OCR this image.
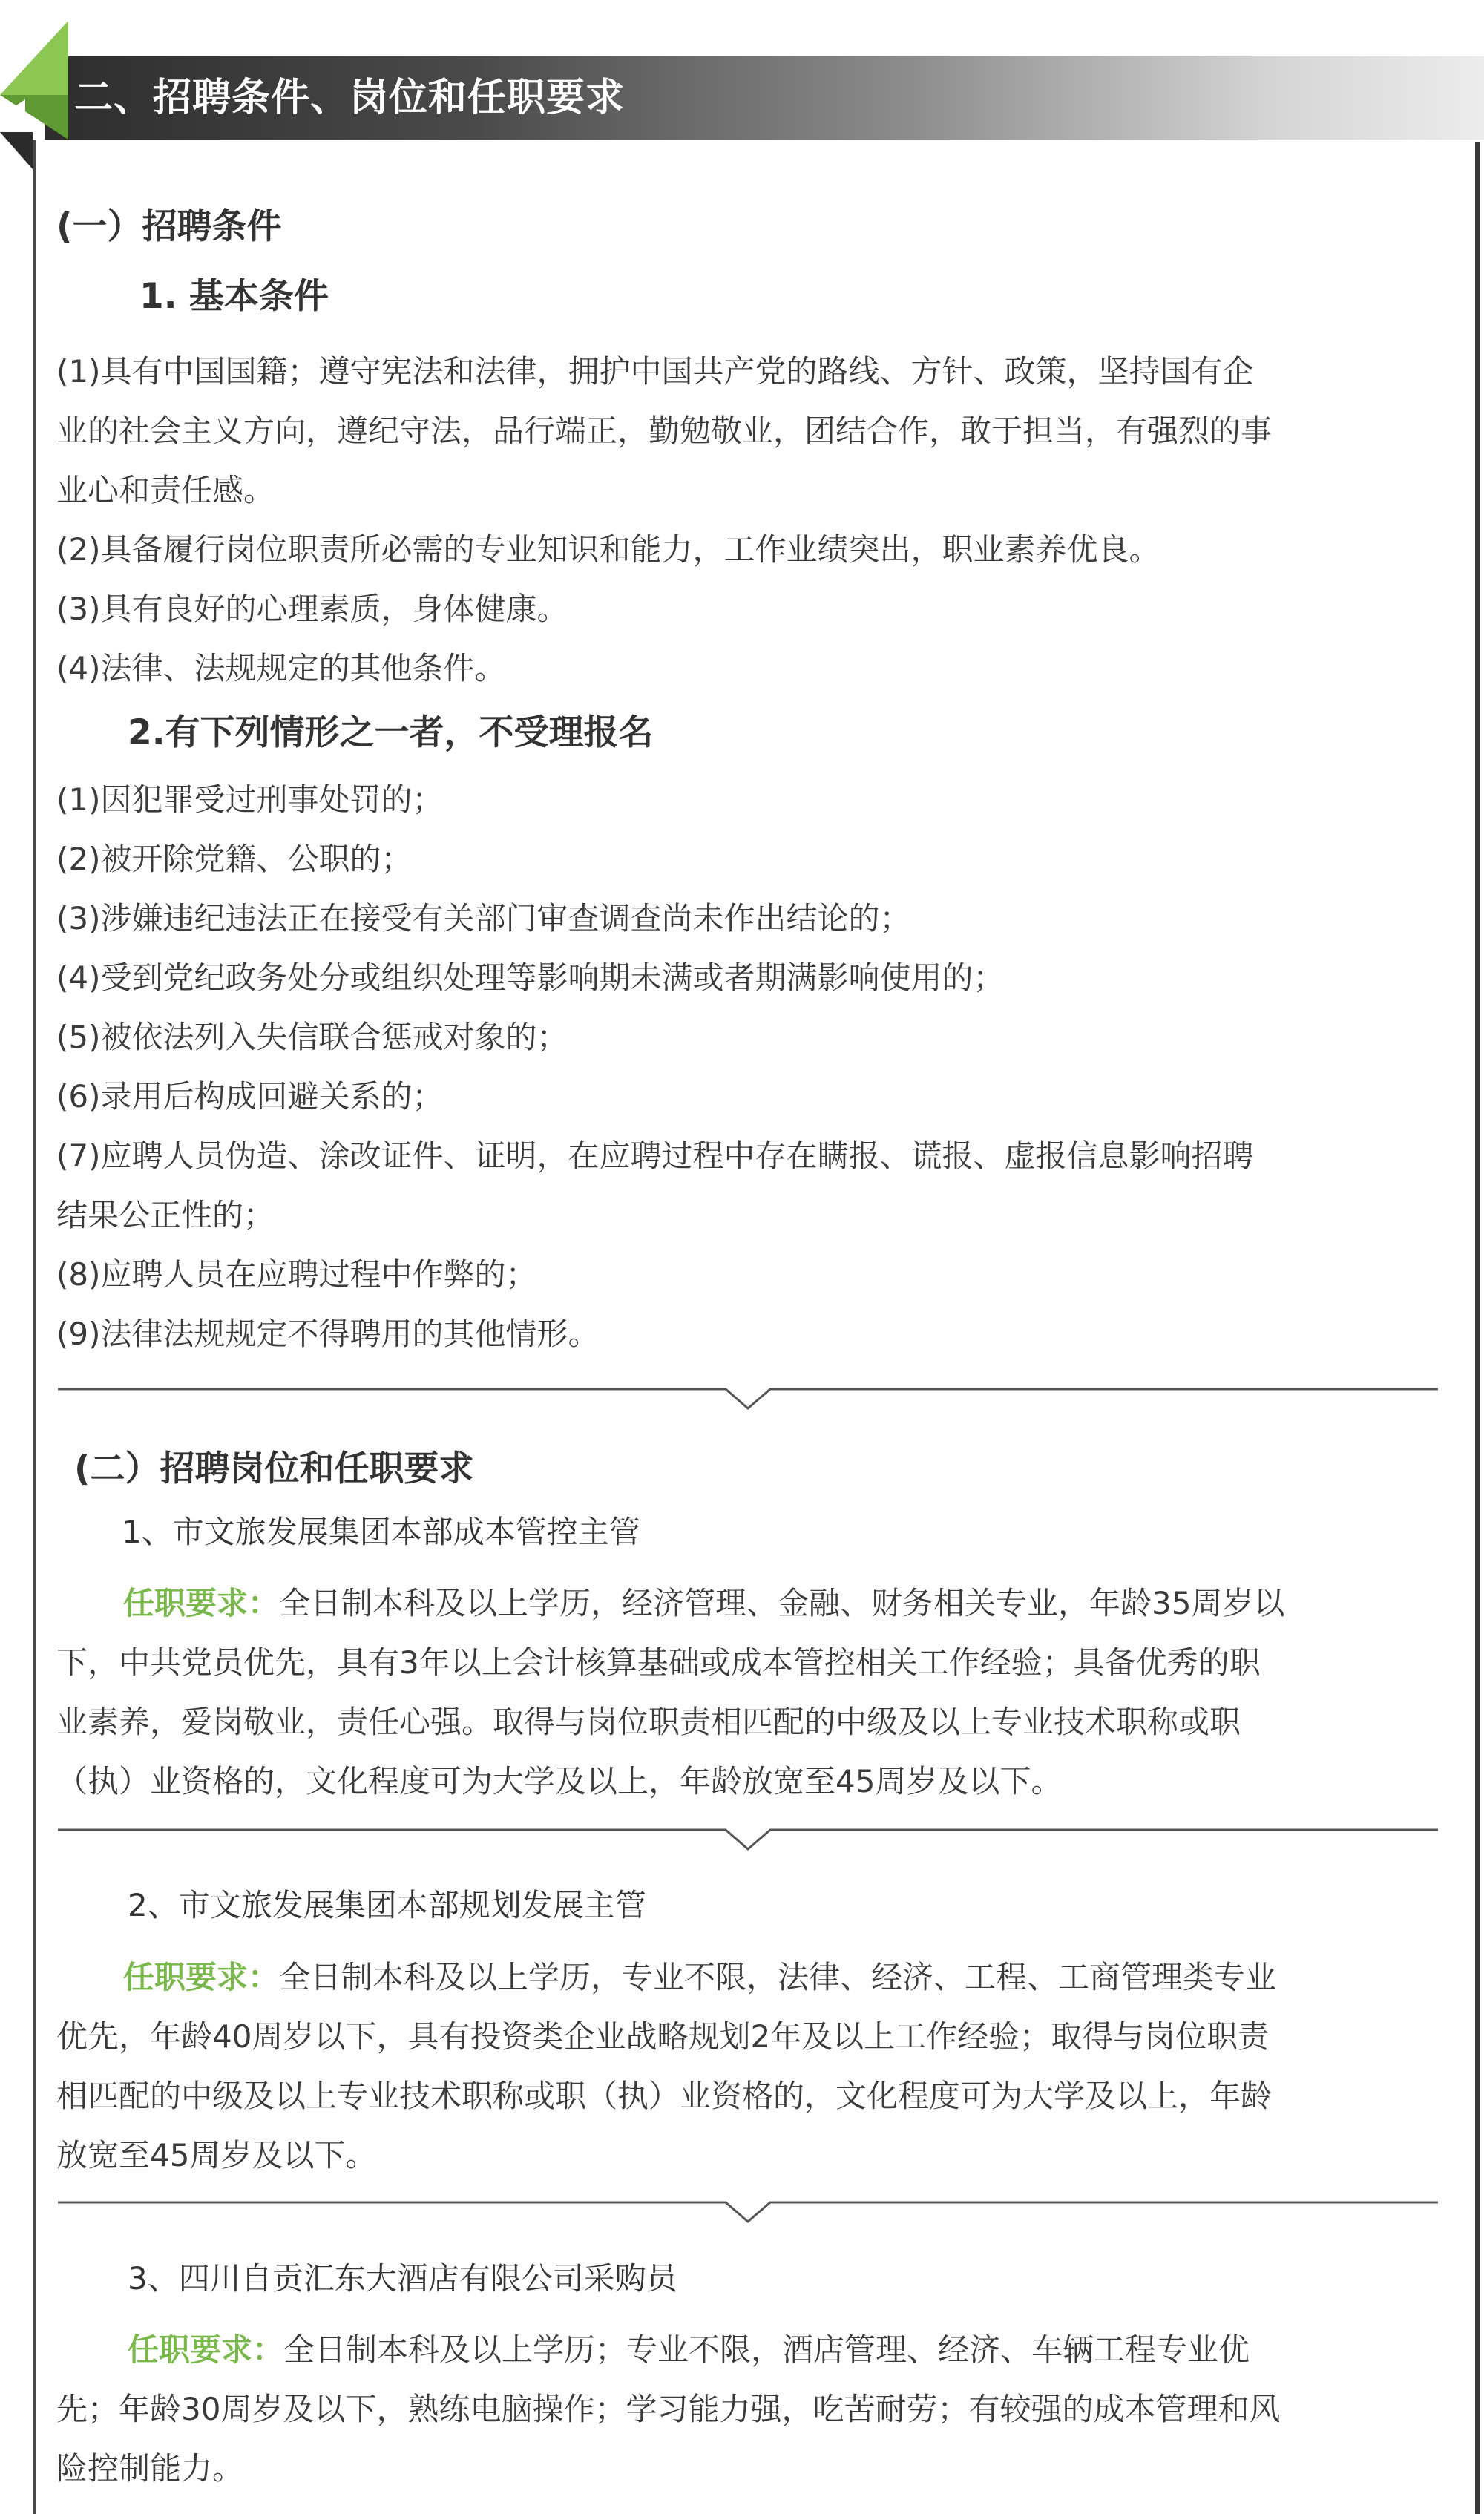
二、招聘条件、岗位和任职要求
(一）招聘条件
1. 基本条件
(1)具有中国国籍；遵守宪法和法律，拥护中国共产党的路线、方针、政策，坚持国有企
业的社会主义方向，遵纪守法，品行端正，勤勉敬业，团结合作，敢于担当，有强烈的事
业心和责任感。
(2)具备履行岗位职责所必需的专业知识和能力，工作业绩突出，职业素养优良。
(3)具有良好的心理素质，身体健康。
(4)法律、法规规定的其他条件。
2.有下列情形之一者，不受理报名
(1)因犯罪受过刑事处罚的；
(2)被开除党籍、公职的；
(3)涉嫌违纪违法正在接受有关部门审查调查尚未作出结论的；
(4)受到党纪政务处分或组织处理等影响期未满或者期满影响使用的；
(5)被依法列入失信联合惩戒对象的；
(6)录用后构成回避关系的；
(7)应聘人员伪造、涂改证件、证明，在应聘过程中存在瞒报、谎报、虚报信息影响招聘
结果公正性的；
(8)应聘人员在应聘过程中作弊的；
(9)法律法规规定不得聘用的其他情形。
(二）招聘岗位和任职要求
1、市文旅发展集团本部成本管控主管
任职要求：全日制本科及以上学历，经济管理、金融、财务相关专业，年龄35周岁以
下，中共党员优先，具有3年以上会计核算基础或成本管控相关工作经验；具备优秀的职
业素养，爱岗敬业，责任心强。取得与岗位职责相匹配的中级及以上专业技术职称或职
（执）业资格的，文化程度可为大学及以上，年龄放宽至45周岁及以下。
2、市文旅发展集团本部规划发展主管
任职要求：全日制本科及以上学历，专业不限，法律、经济、工程、工商管理类专业
优先，年龄40周岁以下，具有投资类企业战略规划2年及以上工作经验；取得与岗位职责
相匹配的中级及以上专业技术职称或职（执）业资格的，文化程度可为大学及以上，年龄
放宽至45周岁及以下。
3、四川自贡汇东大酒店有限公司采购员
任职要求：全日制本科及以上学历；专业不限，酒店管理、经济、车辆工程专业优
先；年龄30周岁及以下，熟练电脑操作；学习能力强，吃苦耐劳；有较强的成本管理和风
险控制能力。
